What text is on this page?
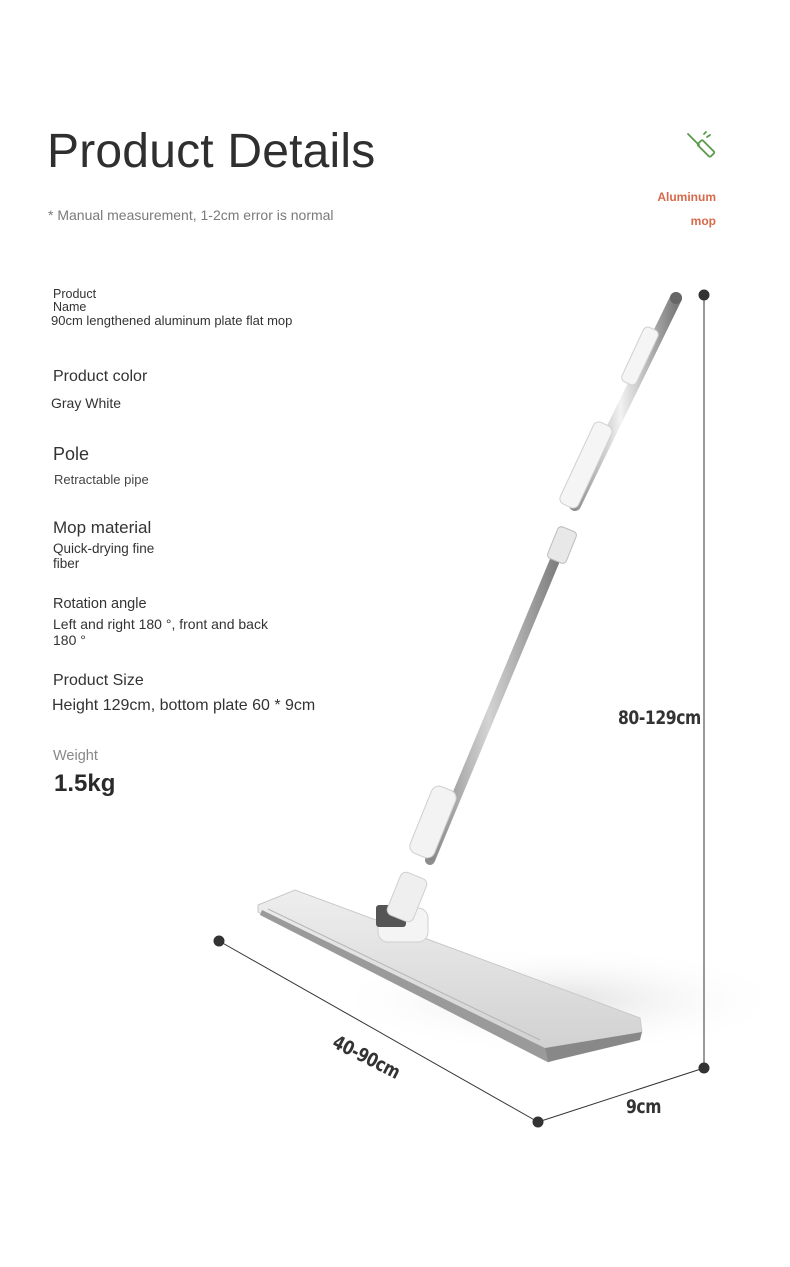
Product Details
* Manual measurement, 1-2cm error is normal
Aluminum
mop
Product Name
90cm lengthened aluminum plate flat mop
Product color
Gray White
Pole
Retractable pipe
Mop material
Quick-drying fine fiber
Rotation angle
Left and right 180 °, front and back 180 °
Product Size
Height 129cm, bottom plate 60 * 9cm
Weight
1.5kg
80-129cm
40-90cm
9cm
